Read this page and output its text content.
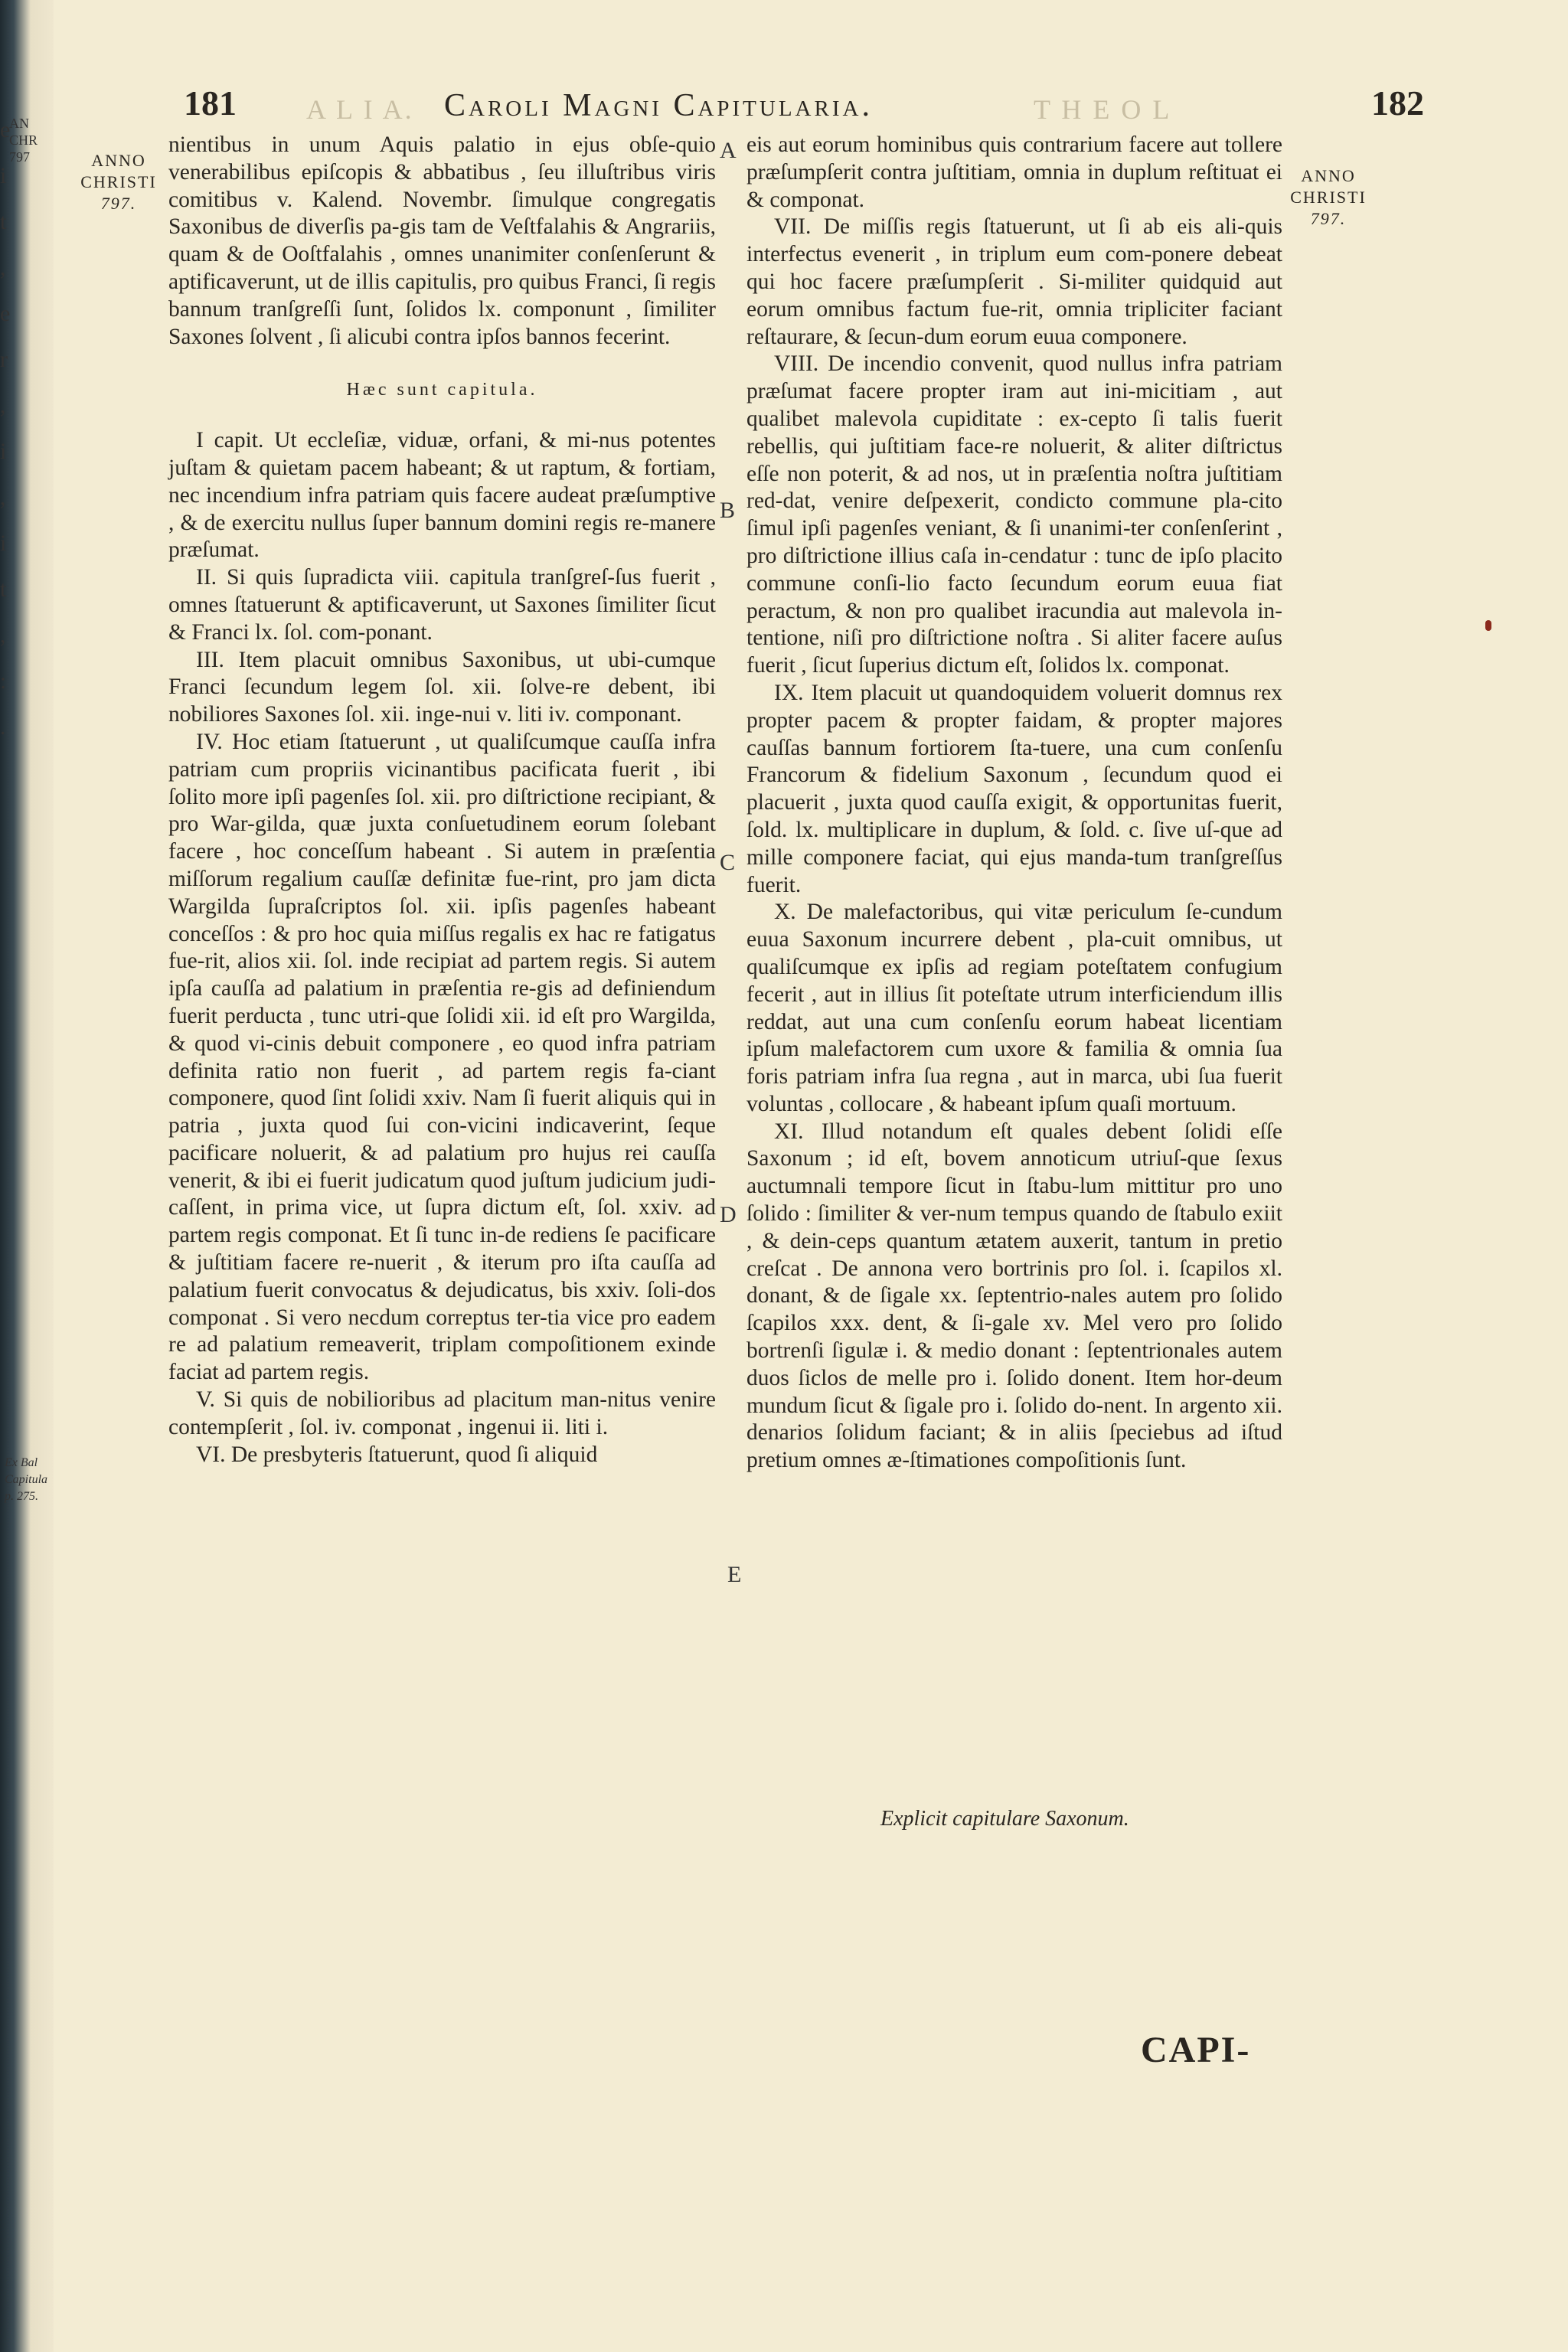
e
i
t
,
e
r
,
i
,
i
t
,
:
.
AN
CHR
797
Ex Bal
Capitula
p. 275.
181	A L I A. Caroli Magni Capitularia.	T H E O L	182
ANNO
CHRISTI
797.
ANNO
CHRISTI
797.
A
B
C
D
E

nientibus in unum Aquis palatio in ejus obſe-quio venerabilibus epiſcopis & abbatibus , ſeu illuſtribus viris comitibus v. Kalend. Novembr. ſimulque congregatis Saxonibus de diverſis pa-gis tam de Veſtfalahis & Angrariis, quam & de Ooſtfalahis , omnes unanimiter conſenſerunt & aptificaverunt, ut de illis capitulis, pro quibus Franci, ſi regis bannum tranſgreſſi ſunt, ſolidos lx. componunt , ſimiliter Saxones ſolvent , ſi alicubi contra ipſos bannos fecerint.

Hæc sunt capitula.

I capit. Ut eccleſiæ, viduæ, orfani, & mi-nus potentes juſtam & quietam pacem habeant; & ut raptum, & fortiam, nec incendium infra patriam quis facere audeat præſumptive , & de exercitu nullus ſuper bannum domini regis re-manere præſumat.

II. Si quis ſupradicta viii. capitula tranſgreſ-ſus fuerit , omnes ſtatuerunt & aptificaverunt, ut Saxones ſimiliter ſicut & Franci lx. ſol. com-ponant.

III. Item placuit omnibus Saxonibus, ut ubi-cumque Franci ſecundum legem ſol. xii. ſolve-re debent, ibi nobiliores Saxones ſol. xii. inge-nui v. liti iv. componant.

IV. Hoc etiam ſtatuerunt , ut qualiſcumque cauſſa infra patriam cum propriis vicinantibus pacificata fuerit , ibi ſolito more ipſi pagenſes ſol. xii. pro diſtrictione recipiant, & pro War-gilda, quæ juxta conſuetudinem eorum ſolebant facere , hoc conceſſum habeant . Si autem in præſentia miſſorum regalium cauſſæ definitæ fue-rint, pro jam dicta Wargilda ſupraſcriptos ſol. xii. ipſis pagenſes habeant conceſſos : & pro hoc quia miſſus regalis ex hac re fatigatus fue-rit, alios xii. ſol. inde recipiat ad partem regis. Si autem ipſa cauſſa ad palatium in præſentia re-gis ad definiendum fuerit perducta , tunc utri-que ſolidi xii. id eſt pro Wargilda, & quod vi-cinis debuit componere , eo quod infra patriam definita ratio non fuerit , ad partem regis fa-ciant componere, quod ſint ſolidi xxiv. Nam ſi fuerit aliquis qui in patria , juxta quod ſui con-vicini indicaverint, ſeque pacificare noluerit, & ad palatium pro hujus rei cauſſa venerit, & ibi ei fuerit judicatum quod juſtum judicium judi-caſſent, in prima vice, ut ſupra dictum eſt, ſol. xxiv. ad partem regis componat. Et ſi tunc in-de rediens ſe pacificare & juſtitiam facere re-nuerit , & iterum pro iſta cauſſa ad palatium fuerit convocatus & dejudicatus, bis xxiv. ſoli-dos componat . Si vero necdum correptus ter-tia vice pro eadem re ad palatium remeaverit, triplam compoſitionem exinde faciat ad partem regis.

V. Si quis de nobilioribus ad placitum man-nitus venire contempſerit , ſol. iv. componat , ingenui ii. liti i.

VI. De presbyteris ſtatuerunt, quod ſi aliquid

eis aut eorum hominibus quis contrarium facere aut tollere præſumpſerit contra juſtitiam, omnia in duplum reſtituat ei & componat.

VII. De miſſis regis ſtatuerunt, ut ſi ab eis ali-quis interfectus evenerit , in triplum eum com-ponere debeat qui hoc facere præſumpſerit . Si-militer quidquid aut eorum omnibus factum fue-rit, omnia tripliciter faciant reſtaurare, & ſecun-dum eorum euua componere.

VIII. De incendio convenit, quod nullus infra patriam præſumat facere propter iram aut ini-micitiam , aut qualibet malevola cupiditate : ex-cepto ſi talis fuerit rebellis, qui juſtitiam face-re noluerit, & aliter diſtrictus eſſe non poterit, & ad nos, ut in præſentia noſtra juſtitiam red-dat, venire deſpexerit, condicto commune pla-cito ſimul ipſi pagenſes veniant, & ſi unanimi-ter conſenſerint , pro diſtrictione illius caſa in-cendatur : tunc de ipſo placito commune conſi-lio facto ſecundum eorum euua fiat peractum, & non pro qualibet iracundia aut malevola in-tentione, niſi pro diſtrictione noſtra . Si aliter facere auſus fuerit , ſicut ſuperius dictum eſt, ſolidos lx. componat.

IX. Item placuit ut quandoquidem voluerit domnus rex propter pacem & propter faidam, & propter majores cauſſas bannum fortiorem ſta-tuere, una cum conſenſu Francorum & fidelium Saxonum , ſecundum quod ei placuerit , juxta quod cauſſa exigit, & opportunitas fuerit, ſold. lx. multiplicare in duplum, & ſold. c. ſive uſ-que ad mille componere faciat, qui ejus manda-tum tranſgreſſus fuerit.

X. De malefactoribus, qui vitæ periculum ſe-cundum euua Saxonum incurrere debent , pla-cuit omnibus, ut qualiſcumque ex ipſis ad regiam poteſtatem confugium fecerit , aut in illius ſit poteſtate utrum interficiendum illis reddat, aut una cum conſenſu eorum habeat licentiam ipſum malefactorem cum uxore & familia & omnia ſua foris patriam infra ſua regna , aut in marca, ubi ſua fuerit voluntas , collocare , & habeant ipſum quaſi mortuum.

XI. Illud notandum eſt quales debent ſolidi eſſe Saxonum ; id eſt, bovem annoticum utriuſ-que ſexus auctumnali tempore ſicut in ſtabu-lum mittitur pro uno ſolido : ſimiliter & ver-num tempus quando de ſtabulo exiit , & dein-ceps quantum ætatem auxerit, tantum in pretio creſcat . De annona vero bortrinis pro ſol. i. ſcapilos xl. donant, & de ſigale xx. ſeptentrio-nales autem pro ſolido ſcapilos xxx. dent, & ſi-gale xv. Mel vero pro ſolido bortrenſi ſigulæ i. & medio donant : ſeptentrionales autem duos ſiclos de melle pro i. ſolido donent. Item hor-deum mundum ſicut & ſigale pro i. ſolido do-nent. In argento xii. denarios ſolidum faciant; & in aliis ſpeciebus ad iſtud pretium omnes æ-ſtimationes compoſitionis ſunt.

Explicit capitulare Saxonum.
CAPI-
